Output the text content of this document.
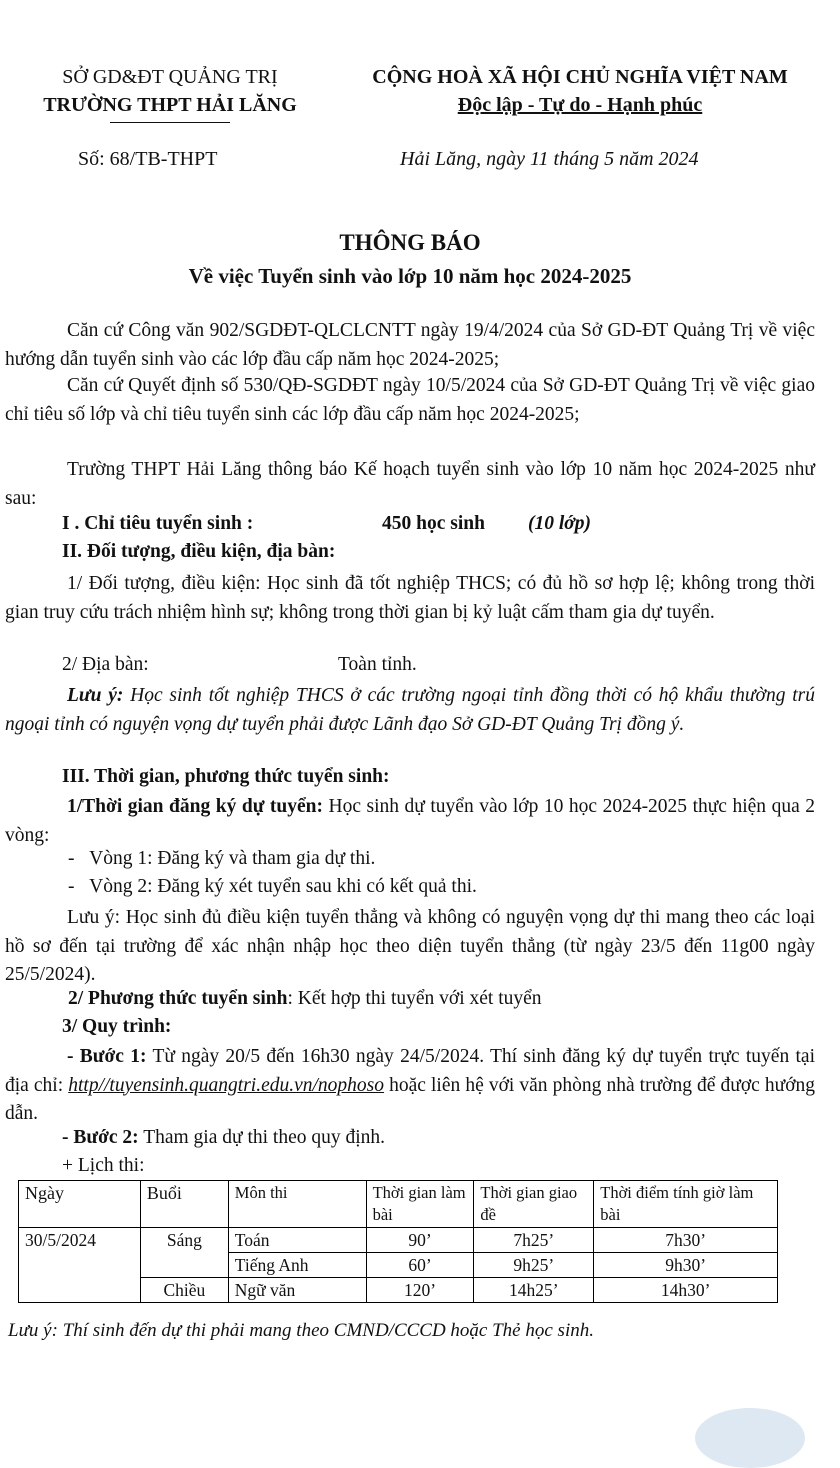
SỞ GD&ĐT QUẢNG TRỊ
TRƯỜNG THPT HẢI LĂNG
CỘNG HOÀ XÃ HỘI CHỦ NGHĨA VIỆT NAM
Độc lập - Tự do - Hạnh phúc
Số: 68/TB-THPT	Hải Lăng, ngày 11 tháng 5 năm 2024
THÔNG BÁO
Về việc Tuyển sinh vào lớp 10 năm học 2024-2025
Căn cứ Công văn 902/SGDĐT-QLCLCNTT ngày 19/4/2024 của Sở GD-ĐT Quảng Trị về việc hướng dẫn tuyển sinh vào các lớp đầu cấp năm học 2024-2025;
Căn cứ Quyết định số 530/QĐ-SGDĐT ngày 10/5/2024 của Sở GD-ĐT Quảng Trị về việc giao chỉ tiêu số lớp và chỉ tiêu tuyển sinh các lớp đầu cấp năm học 2024-2025;
Trường THPT Hải Lăng thông báo Kế hoạch tuyển sinh vào lớp 10 năm học 2024-2025 như sau:
I . Chỉ tiêu tuyển sinh :	450 học sinh (10 lớp)
II. Đối tượng, điều kiện, địa bàn:
1/ Đối tượng, điều kiện: Học sinh đã tốt nghiệp THCS; có đủ hồ sơ hợp lệ; không trong thời gian truy cứu trách nhiệm hình sự; không trong thời gian bị kỷ luật cấm tham gia dự tuyển.
2/ Địa bàn:	Toàn tỉnh.
Lưu ý: Học sinh tốt nghiệp THCS ở các trường ngoại tỉnh đồng thời có hộ khẩu thường trú ngoại tỉnh có nguyện vọng dự tuyển phải được Lãnh đạo Sở GD-ĐT Quảng Trị đồng ý.
III. Thời gian, phương thức tuyển sinh:
1/Thời gian đăng ký dự tuyển: Học sinh dự tuyển vào lớp 10 học 2024-2025 thực hiện qua 2 vòng:
-   Vòng 1: Đăng ký và tham gia dự thi.
-   Vòng 2: Đăng ký xét tuyển sau khi có kết quả thi.
Lưu ý: Học sinh đủ điều kiện tuyển thẳng và không có nguyện vọng dự thi mang theo các loại hồ sơ đến tại trường để xác nhận nhập học theo diện tuyển thẳng (từ ngày 23/5 đến 11g00 ngày 25/5/2024).
2/ Phương thức tuyển sinh: Kết hợp thi tuyển với xét tuyển
3/ Quy trình:
- Bước 1: Từ ngày 20/5 đến 16h30 ngày 24/5/2024. Thí sinh đăng ký dự tuyển trực tuyến tại địa chỉ: http//tuyensinh.quangtri.edu.vn/nophoso hoặc liên hệ với văn phòng nhà trường để được hướng dẫn.
- Bước 2: Tham gia dự thi theo quy định.
+ Lịch thi:
Ngày	Buổi	Môn thi	Thời gian làm bài	Thời gian giao đề	Thời điểm tính giờ làm bài
30/5/2024	Sáng	Toán	90’	7h25’	7h30’
		Tiếng Anh	60’	9h25’	9h30’
	Chiều	Ngữ văn	120’	14h25’	14h30’
Lưu ý: Thí sinh đến dự thi phải mang theo CMND/CCCD hoặc Thẻ học sinh.
